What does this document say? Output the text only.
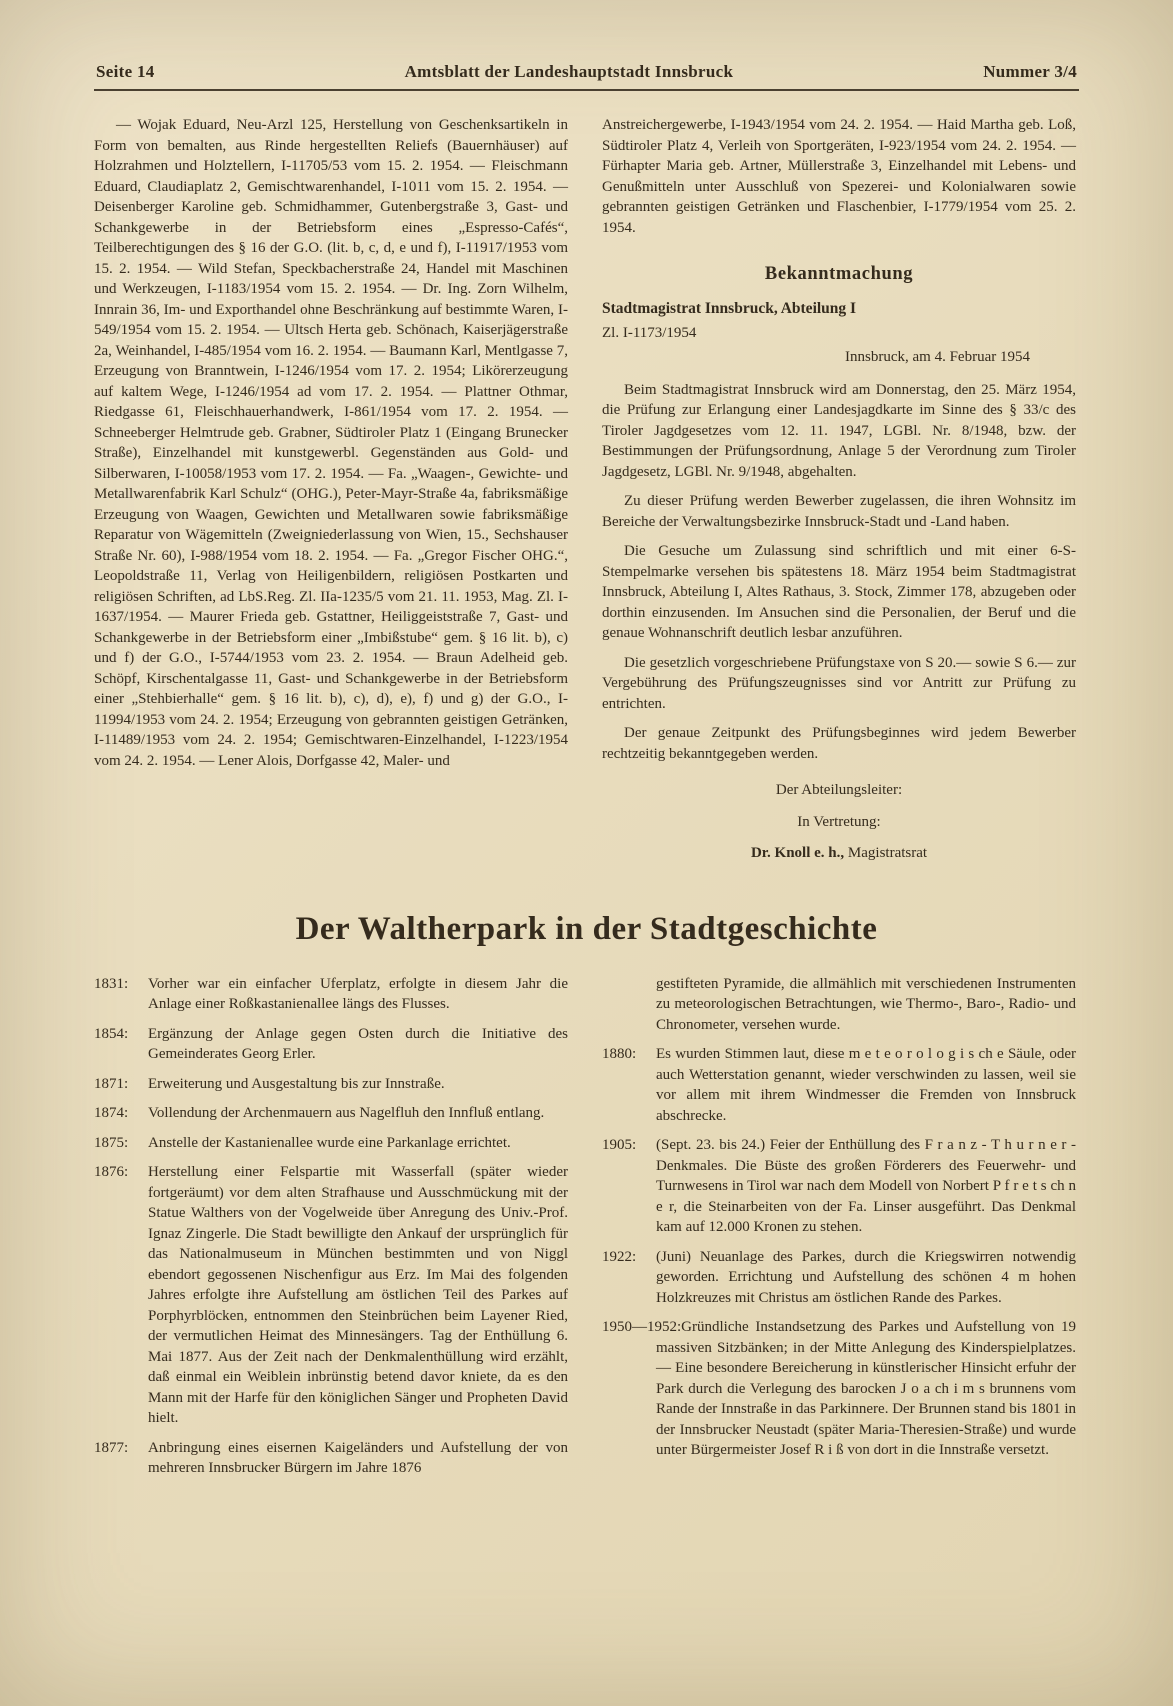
Seite 14	Amtsblatt der Landeshauptstadt Innsbruck	Nummer 3/4

— Wojak Eduard, Neu-Arzl 125, Herstellung von Geschenksartikeln in Form von bemalten, aus Rinde hergestellten Reliefs (Bauernhäuser) auf Holzrahmen und Holztellern, I-11705/53 vom 15. 2. 1954. — Fleischmann Eduard, Claudiaplatz 2, Gemischtwarenhandel, I-1011 vom 15. 2. 1954. — Deisenberger Karoline geb. Schmidhammer, Gutenbergstraße 3, Gast- und Schankgewerbe in der Betriebsform eines „Espresso-Cafés“, Teilberechtigungen des § 16 der G.O. (lit. b, c, d, e und f), I-11917/1953 vom 15. 2. 1954. — Wild Stefan, Speckbacherstraße 24, Handel mit Maschinen und Werkzeugen, I-1183/1954 vom 15. 2. 1954. — Dr. Ing. Zorn Wilhelm, Innrain 36, Im- und Exporthandel ohne Beschränkung auf bestimmte Waren, I-549/1954 vom 15. 2. 1954. — Ultsch Herta geb. Schönach, Kaiserjägerstraße 2a, Weinhandel, I-485/1954 vom 16. 2. 1954. — Baumann Karl, Mentlgasse 7, Erzeugung von Branntwein, I-1246/1954 vom 17. 2. 1954; Likörerzeugung auf kaltem Wege, I-1246/1954 ad vom 17. 2. 1954. — Plattner Othmar, Riedgasse 61, Fleischhauerhandwerk, I-861/1954 vom 17. 2. 1954. — Schneeberger Helmtrude geb. Grabner, Südtiroler Platz 1 (Eingang Brunecker Straße), Einzelhandel mit kunstgewerbl. Gegenständen aus Gold- und Silberwaren, I-10058/1953 vom 17. 2. 1954. — Fa. „Waagen-, Gewichte- und Metallwarenfabrik Karl Schulz“ (OHG.), Peter-Mayr-Straße 4a, fabriksmäßige Erzeugung von Waagen, Gewichten und Metallwaren sowie fabriksmäßige Reparatur von Wägemitteln (Zweigniederlassung von Wien, 15., Sechshauser Straße Nr. 60), I-988/1954 vom 18. 2. 1954. — Fa. „Gregor Fischer OHG.“, Leopoldstraße 11, Verlag von Heiligenbildern, religiösen Postkarten und religiösen Schriften, ad LbS.Reg. Zl. IIa-1235/5 vom 21. 11. 1953, Mag. Zl. I-1637/1954. — Maurer Frieda geb. Gstattner, Heiliggeiststraße 7, Gast- und Schankgewerbe in der Betriebsform einer „Imbißstube“ gem. § 16 lit. b), c) und f) der G.O., I-5744/1953 vom 23. 2. 1954. — Braun Adelheid geb. Schöpf, Kirschentalgasse 11, Gast- und Schankgewerbe in der Betriebsform einer „Stehbierhalle“ gem. § 16 lit. b), c), d), e), f) und g) der G.O., I-11994/1953 vom 24. 2. 1954; Erzeugung von gebrannten geistigen Getränken, I-11489/1953 vom 24. 2. 1954; Gemischtwaren-Einzelhandel, I-1223/1954 vom 24. 2. 1954. — Lener Alois, Dorfgasse 42, Maler- und

Anstreichergewerbe, I-1943/1954 vom 24. 2. 1954. — Haid Martha geb. Loß, Südtiroler Platz 4, Verleih von Sportgeräten, I-923/1954 vom 24. 2. 1954. — Fürhapter Maria geb. Artner, Müllerstraße 3, Einzelhandel mit Lebens- und Genußmitteln unter Ausschluß von Spezerei- und Kolonialwaren sowie gebrannten geistigen Getränken und Flaschenbier, I-1779/1954 vom 25. 2. 1954.

Bekanntmachung

Stadtmagistrat Innsbruck, Abteilung I

Zl. I-1173/1954

Innsbruck, am 4. Februar 1954

Beim Stadtmagistrat Innsbruck wird am Donnerstag, den 25. März 1954, die Prüfung zur Erlangung einer Landesjagdkarte im Sinne des § 33/c des Tiroler Jagdgesetzes vom 12. 11. 1947, LGBl. Nr. 8/1948, bzw. der Bestimmungen der Prüfungsordnung, Anlage 5 der Verordnung zum Tiroler Jagdgesetz, LGBl. Nr. 9/1948, abgehalten.

Zu dieser Prüfung werden Bewerber zugelassen, die ihren Wohnsitz im Bereiche der Verwaltungsbezirke Innsbruck-Stadt und -Land haben.

Die Gesuche um Zulassung sind schriftlich und mit einer 6-S-Stempelmarke versehen bis spätestens 18. März 1954 beim Stadtmagistrat Innsbruck, Abteilung I, Altes Rathaus, 3. Stock, Zimmer 178, abzugeben oder dorthin einzusenden. Im Ansuchen sind die Personalien, der Beruf und die genaue Wohnanschrift deutlich lesbar anzuführen.

Die gesetzlich vorgeschriebene Prüfungstaxe von S 20.— sowie S 6.— zur Vergebührung des Prüfungszeugnisses sind vor Antritt zur Prüfung zu entrichten.

Der genaue Zeitpunkt des Prüfungsbeginnes wird jedem Bewerber rechtzeitig bekanntgegeben werden.

Der Abteilungsleiter:

In Vertretung:

Dr. Knoll e. h., Magistratsrat

Der Waltherpark in der Stadtgeschichte

1831: Vorher war ein einfacher Uferplatz, erfolgte in diesem Jahr die Anlage einer Roßkastanienallee längs des Flusses.

1854: Ergänzung der Anlage gegen Osten durch die Initiative des Gemeinderates Georg Erler.

1871: Erweiterung und Ausgestaltung bis zur Innstraße.

1874: Vollendung der Archenmauern aus Nagelfluh den Innfluß entlang.

1875: Anstelle der Kastanienallee wurde eine Parkanlage errichtet.

1876: Herstellung einer Felspartie mit Wasserfall (später wieder fortgeräumt) vor dem alten Strafhause und Ausschmückung mit der Statue Walthers von der Vogelweide über Anregung des Univ.-Prof. Ignaz Zingerle. Die Stadt bewilligte den Ankauf der ursprünglich für das Nationalmuseum in München bestimmten und von Niggl ebendort gegossenen Nischenfigur aus Erz. Im Mai des folgenden Jahres erfolgte ihre Aufstellung am östlichen Teil des Parkes auf Porphyrblöcken, entnommen den Steinbrüchen beim Layener Ried, der vermutlichen Heimat des Minnesängers. Tag der Enthüllung 6. Mai 1877. Aus der Zeit nach der Denkmalenthüllung wird erzählt, daß einmal ein Weiblein inbrünstig betend davor kniete, da es den Mann mit der Harfe für den königlichen Sänger und Propheten David hielt.

1877: Anbringung eines eisernen Kaigeländers und Aufstellung der von mehreren Innsbrucker Bürgern im Jahre 1876

gestifteten Pyramide, die allmählich mit verschiedenen Instrumenten zu meteorologischen Betrachtungen, wie Thermo-, Baro-, Radio- und Chronometer, versehen wurde.

1880: Es wurden Stimmen laut, diese m e t e o r o l o g i s ch e Säule, oder auch Wetterstation genannt, wieder verschwinden zu lassen, weil sie vor allem mit ihrem Windmesser die Fremden von Innsbruck abschrecke.

1905: (Sept. 23. bis 24.) Feier der Enthüllung des F r a n z - T h u r n e r - Denkmales. Die Büste des großen Förderers des Feuerwehr- und Turnwesens in Tirol war nach dem Modell von Norbert P f r e t s ch n e r, die Steinarbeiten von der Fa. Linser ausgeführt. Das Denkmal kam auf 12.000 Kronen zu stehen.

1922: (Juni) Neuanlage des Parkes, durch die Kriegswirren notwendig geworden. Errichtung und Aufstellung des schönen 4 m hohen Holzkreuzes mit Christus am östlichen Rande des Parkes.

1950—1952:Gründliche Instandsetzung des Parkes und Aufstellung von 19 massiven Sitzbänken; in der Mitte Anlegung des Kinderspielplatzes. — Eine besondere Bereicherung in künstlerischer Hinsicht erfuhr der Park durch die Verlegung des barocken J o a ch i m s brunnens vom Rande der Innstraße in das Parkinnere. Der Brunnen stand bis 1801 in der Innsbrucker Neustadt (später Maria-Theresien-Straße) und wurde unter Bürgermeister Josef R i ß von dort in die Innstraße versetzt.
